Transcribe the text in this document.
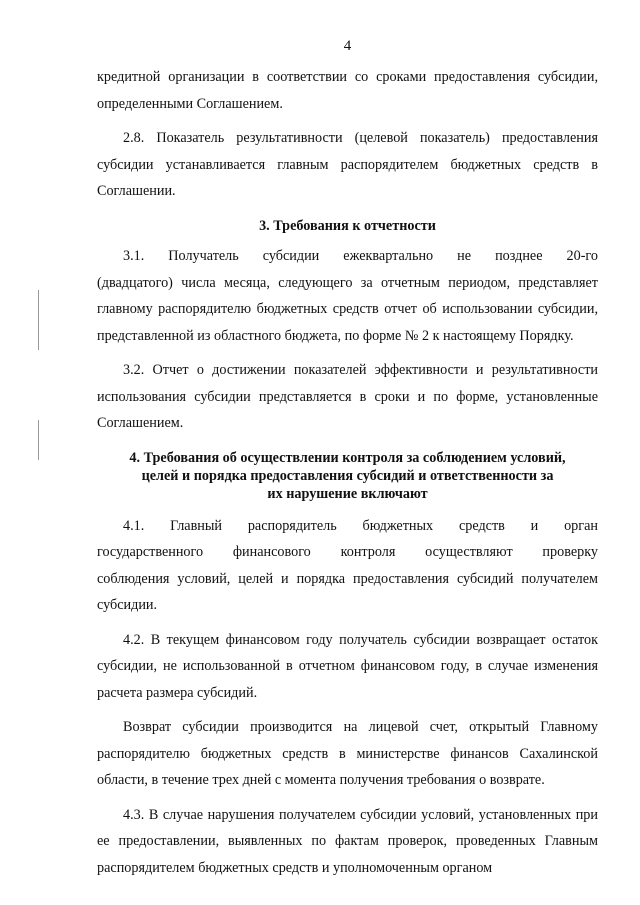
4

кредитной организации в соответствии со сроками предоставления субсидии, определенными Соглашением.

2.8. Показатель результативности (целевой показатель) предоставления субсидии устанавливается главным распорядителем бюджетных средств в Соглашении.

3. Требования к отчетности

3.1. Получатель субсидии ежеквартально не позднее 20-го

(двадцатого) числа месяца, следующего за отчетным периодом, представляет главному распорядителю бюджетных средств отчет об использовании субсидии, представленной из областного бюджета, по форме № 2 к настоящему Порядку.

3.2. Отчет о достижении показателей эффективности и результативности использования субсидии представляется в сроки и по форме, установленные Соглашением.

4. Требования об осуществлении контроля за соблюдением условий,
целей и порядка предоставления субсидий и ответственности за
их нарушение включают

4.1. Главный распорядитель бюджетных средств и орган

государственного финансового контроля осуществляют проверку

соблюдения условий, целей и порядка предоставления субсидий получателем субсидии.

4.2. В текущем финансовом году получатель субсидии возвращает остаток субсидии, не использованной в отчетном финансовом году, в случае изменения расчета размера субсидий.

Возврат субсидии производится на лицевой счет, открытый Главному распорядителю бюджетных средств в министерстве финансов Сахалинской области, в течение трех дней с момента получения требования о возврате.

4.3. В случае нарушения получателем субсидии условий, установленных при ее предоставлении, выявленных по фактам проверок, проведенных Главным распорядителем бюджетных средств и уполномоченным органом
